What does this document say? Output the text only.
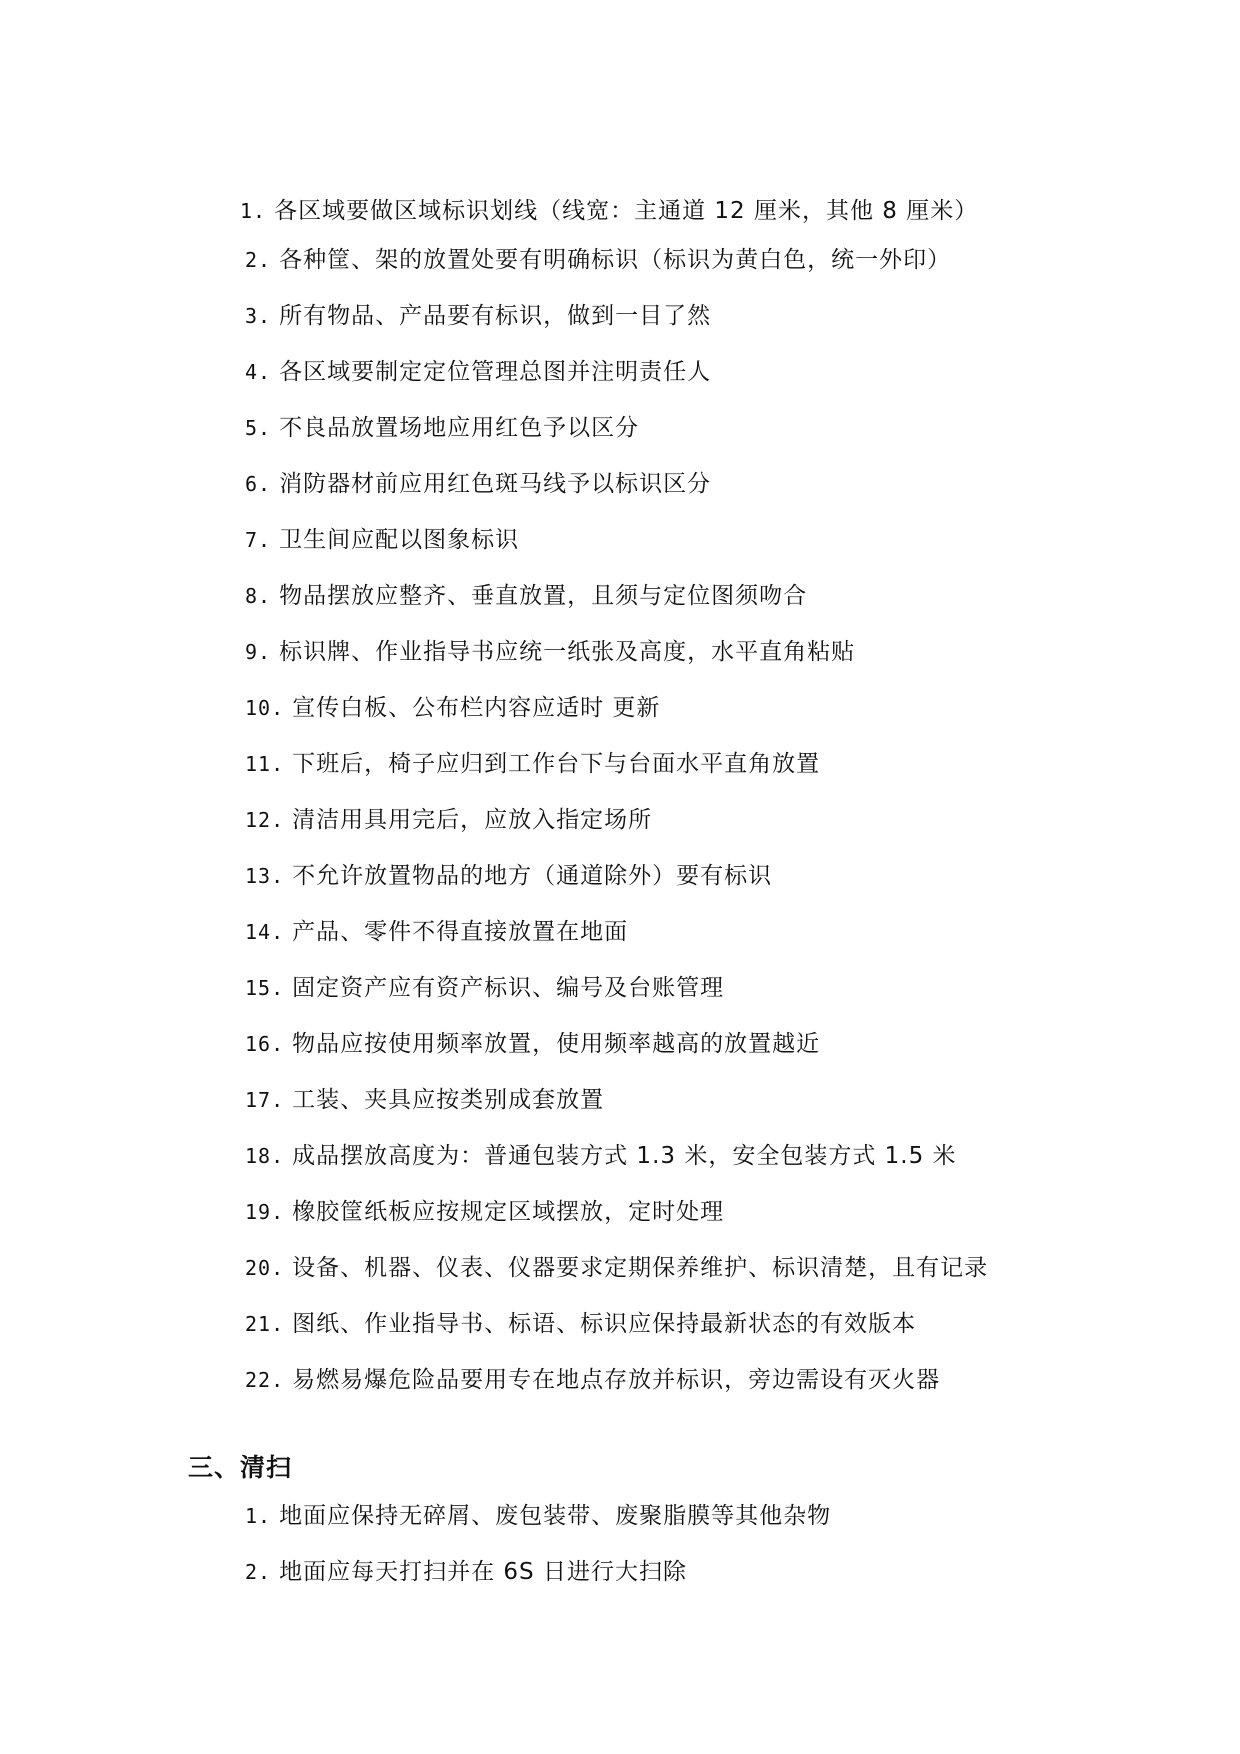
1. 各区域要做区域标识划线（线宽：主通道 12 厘米，其他 8 厘米）
2. 各种筐、架的放置处要有明确标识（标识为黄白色，统一外印）
3. 所有物品、产品要有标识，做到一目了然
4. 各区域要制定定位管理总图并注明责任人
5. 不良品放置场地应用红色予以区分
6. 消防器材前应用红色斑马线予以标识区分
7. 卫生间应配以图象标识
8. 物品摆放应整齐、垂直放置，且须与定位图须吻合
9. 标识牌、作业指导书应统一纸张及高度，水平直角粘贴
10. 宣传白板、公布栏内容应适时 更新
11. 下班后，椅子应归到工作台下与台面水平直角放置
12. 清洁用具用完后，应放入指定场所
13. 不允许放置物品的地方（通道除外）要有标识
14. 产品、零件不得直接放置在地面
15. 固定资产应有资产标识、编号及台账管理
16. 物品应按使用频率放置，使用频率越高的放置越近
17. 工装、夹具应按类别成套放置
18. 成品摆放高度为：普通包装方式 1.3 米，安全包装方式 1.5 米
19. 橡胶筐纸板应按规定区域摆放，定时处理
20. 设备、机器、仪表、仪器要求定期保养维护、标识清楚，且有记录
21. 图纸、作业指导书、标语、标识应保持最新状态的有效版本
22. 易燃易爆危险品要用专在地点存放并标识，旁边需设有灭火器
三、清扫
1. 地面应保持无碎屑、废包装带、废聚脂膜等其他杂物
2. 地面应每天打扫并在 6S 日进行大扫除
